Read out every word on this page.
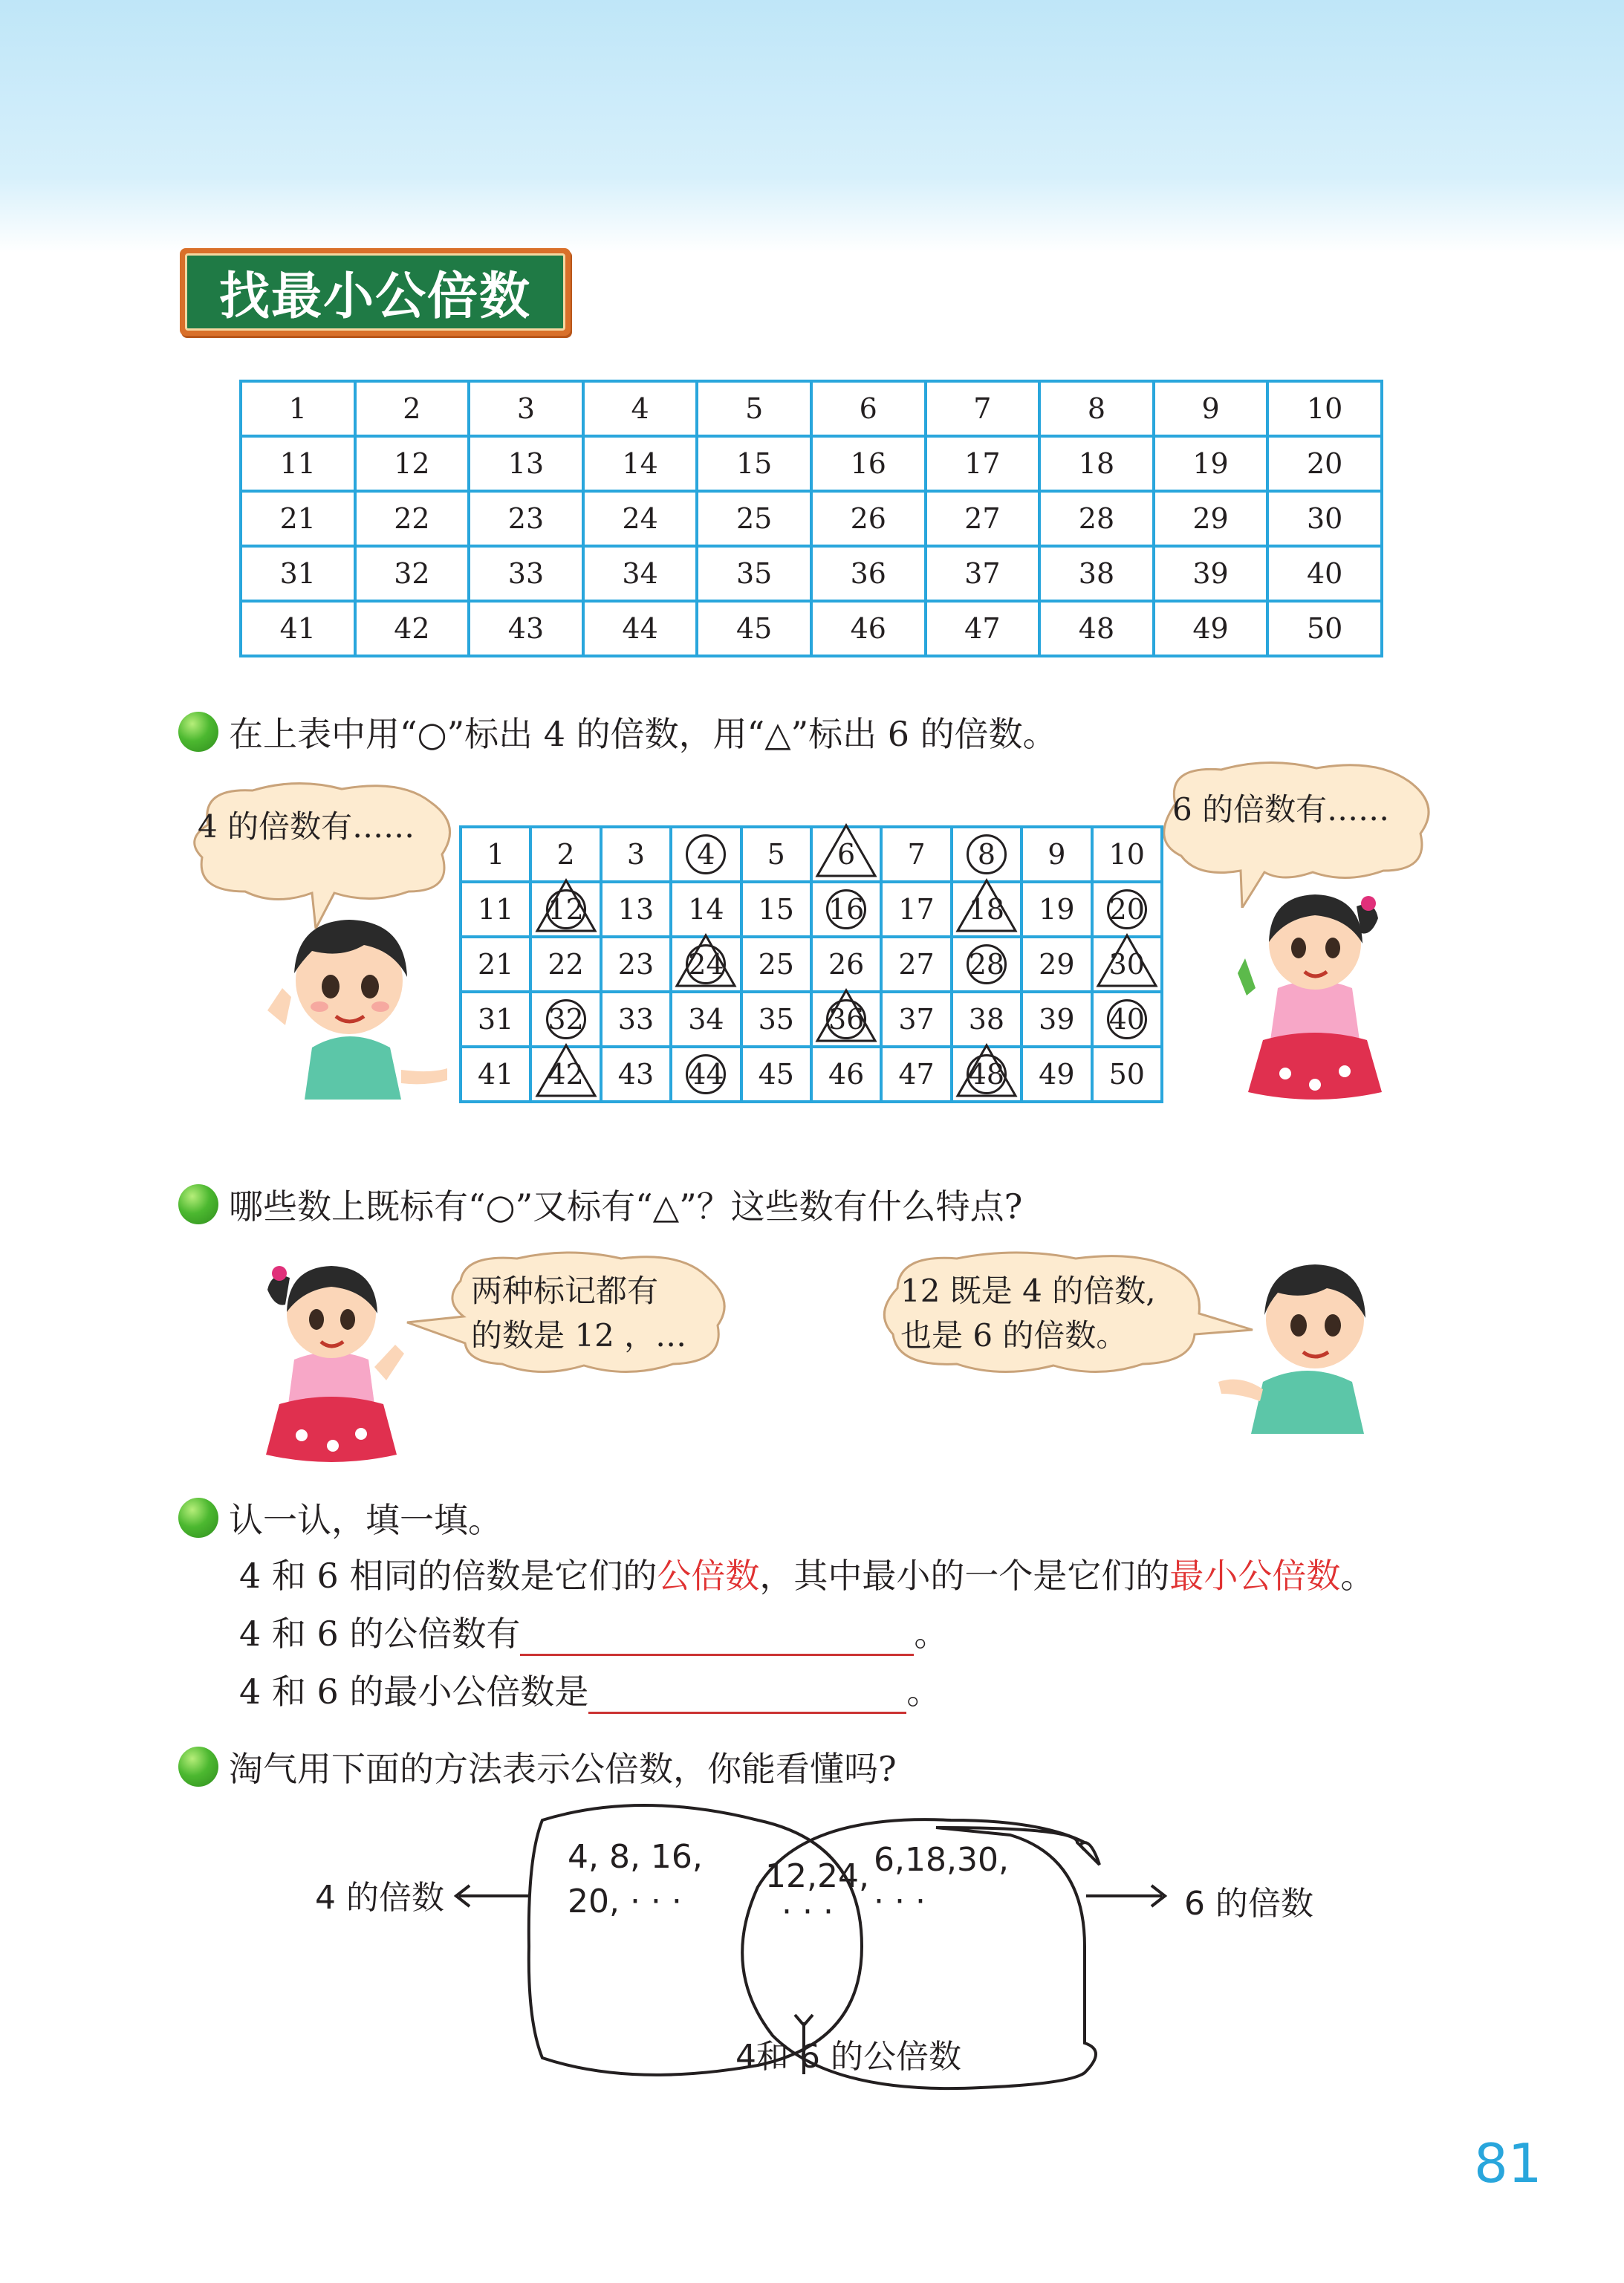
找最小公倍数
1	2	3	4	5	6	7	8	9	10
11	12	13	14	15	16	17	18	19	20
21	22	23	24	25	26	27	28	29	30
31	32	33	34	35	36	37	38	39	40
41	42	43	44	45	46	47	48	49	50
在上表中用“○”标出 4 的倍数，用“△”标出 6 的倍数。
4 的倍数有……	6 的倍数有……
1	2	3	4	5	6	7	8	9	10
11	12	13	14	15	16	17	18	19	20

21	22	23	24	25	26	27	28	29	30

31	32	33	34	35	36	37	38	39	40

41	42	43	44	45	46	47	48	49	50
哪些数上既标有“○”又标有“△”？这些数有什么特点?
两种标记都有
的数是 12 ，…
12 既是 4 的倍数,
也是 6 的倍数。
认一认，填一填。
4 和 6 相同的倍数是它们的公倍数，其中最小的一个是它们的最小公倍数。
4 和 6 的公倍数有	。
4 和 6 的最小公倍数是	。
淘气用下面的方法表示公倍数，你能看懂吗?
4 的倍数	6 的倍数
4和 6 的公倍数
4, 8, 16,
20, · · ·
12,24,
· · ·
6,18,30,
· · ·
81
